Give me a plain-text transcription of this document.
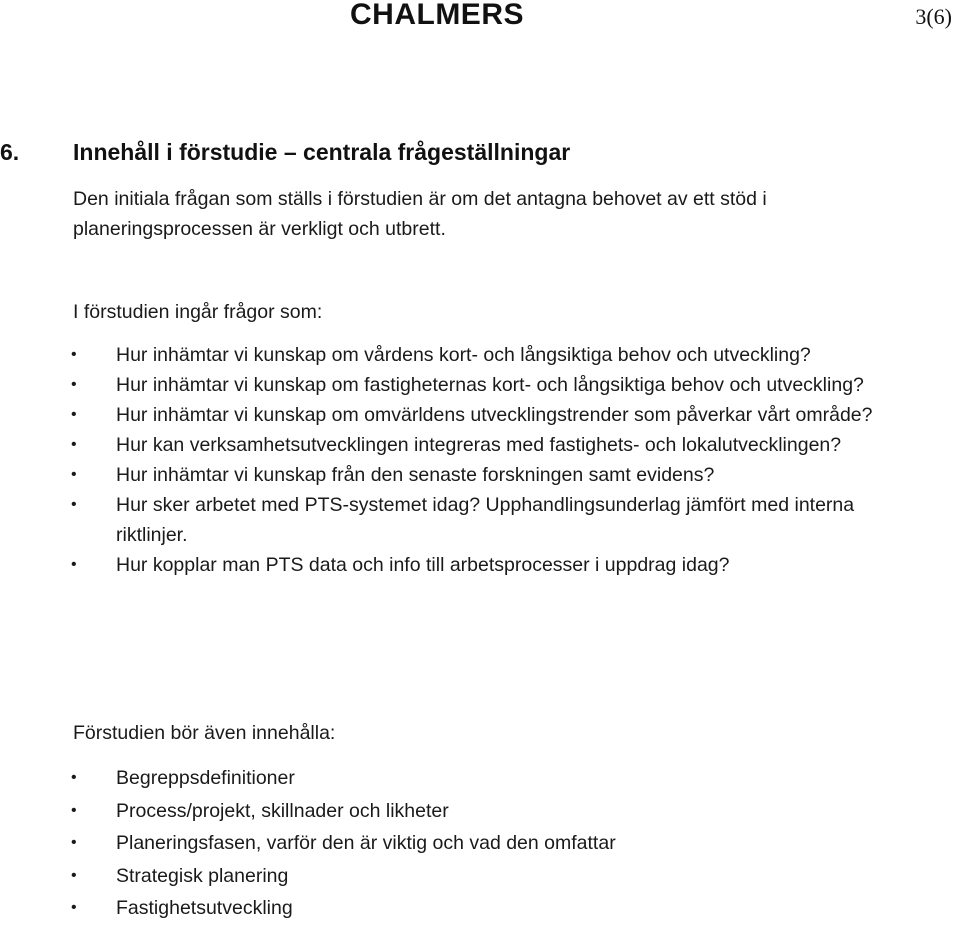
CHALMERS	3(6)
6.	Innehåll i förstudie – centrala frågeställningar
Den initiala frågan som ställs i förstudien är om det antagna behovet av ett stöd i planeringsprocessen är verkligt och utbrett.
I förstudien ingår frågor som:
• Hur inhämtar vi kunskap om vårdens kort- och långsiktiga behov och utveckling?
• Hur inhämtar vi kunskap om fastigheternas kort- och långsiktiga behov och utveckling?
• Hur inhämtar vi kunskap om omvärldens utvecklingstrender som påverkar vårt område?
• Hur kan verksamhetsutvecklingen integreras med fastighets- och lokalutvecklingen?
• Hur inhämtar vi kunskap från den senaste forskningen samt evidens?
• Hur sker arbetet med PTS-systemet idag? Upphandlingsunderlag jämfört med interna riktlinjer.
• Hur kopplar man PTS data och info till arbetsprocesser i uppdrag idag?
Förstudien bör även innehålla:
• Begreppsdefinitioner
• Process/projekt, skillnader och likheter
• Planeringsfasen, varför den är viktig och vad den omfattar
• Strategisk planering
• Fastighetsutveckling
